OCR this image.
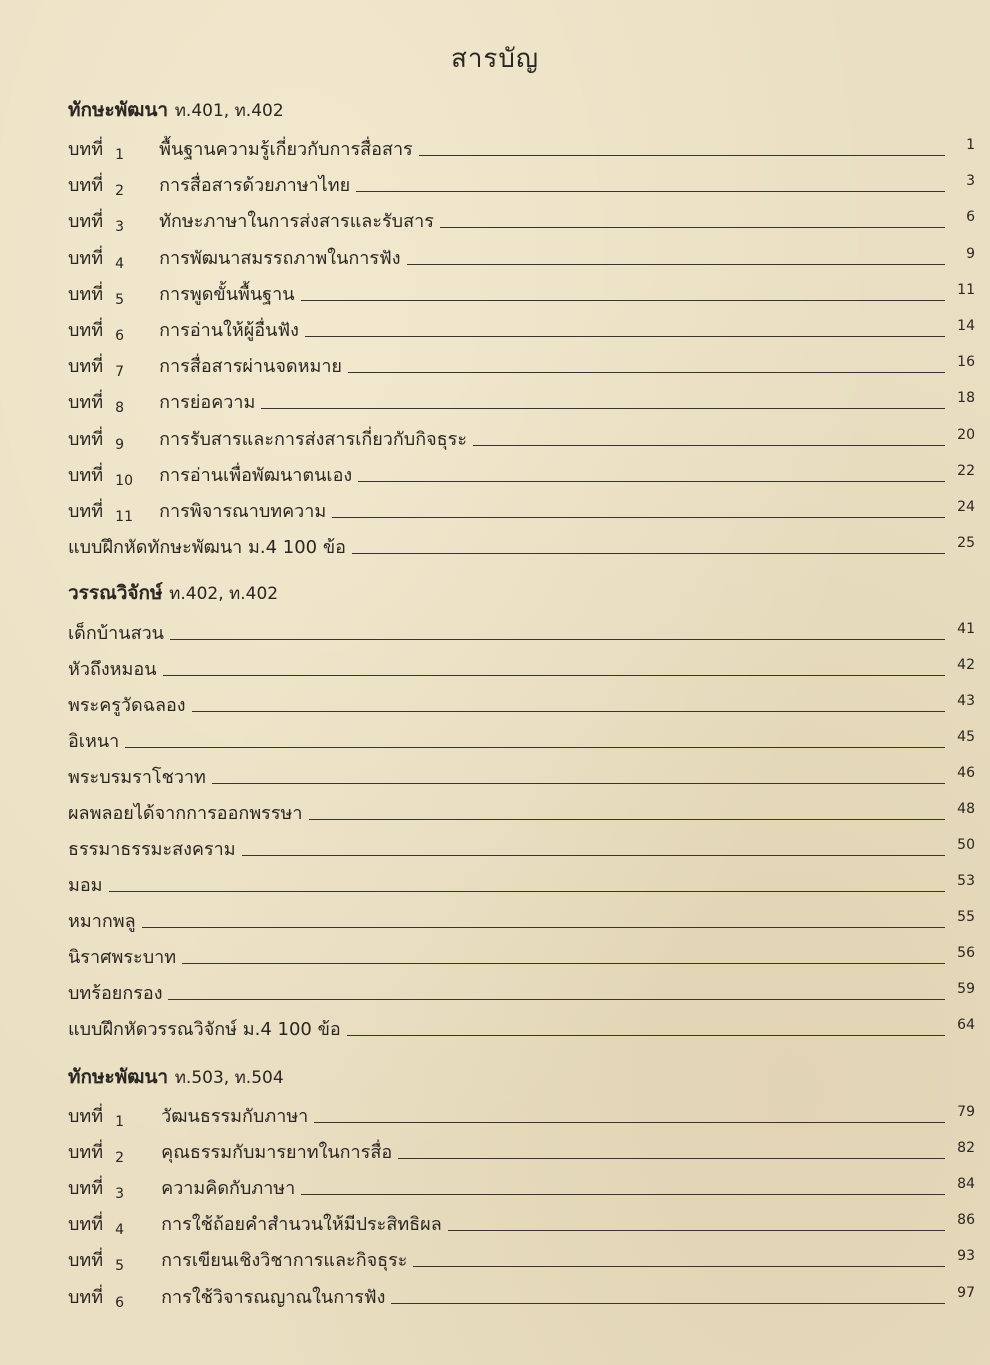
สารบัญ
ทักษะพัฒนา ท.401, ท.402
บทที่ 1	พื้นฐานความรู้เกี่ยวกับการสื่อสาร	1
บทที่ 2	การสื่อสารด้วยภาษาไทย	3
บทที่ 3	ทักษะภาษาในการส่งสารและรับสาร	6
บทที่ 4	การพัฒนาสมรรถภาพในการฟัง	9
บทที่ 5	การพูดขั้นพื้นฐาน	11
บทที่ 6	การอ่านให้ผู้อื่นฟัง	14
บทที่ 7	การสื่อสารผ่านจดหมาย	16
บทที่ 8	การย่อความ	18
บทที่ 9	การรับสารและการส่งสารเกี่ยวกับกิจธุระ	20
บทที่ 10	การอ่านเพื่อพัฒนาตนเอง	22
บทที่ 11	การพิจารณาบทความ	24
แบบฝึกหัดทักษะพัฒนา ม.4 100 ข้อ	25
วรรณวิจักษ์ ท.402, ท.402
เด็กบ้านสวน	41
หัวถึงหมอน	42
พระครูวัดฉลอง	43
อิเหนา	45
พระบรมราโชวาท	46
ผลพลอยได้จากการออกพรรษา	48
ธรรมาธรรมะสงคราม	50
มอม	53
หมากพลู	55
นิราศพระบาท	56
บทร้อยกรอง	59
แบบฝึกหัดวรรณวิจักษ์ ม.4 100 ข้อ	64
ทักษะพัฒนา ท.503, ท.504
บทที่ 1	วัฒนธรรมกับภาษา	79
บทที่ 2	คุณธรรมกับมารยาทในการสื่อ	82
บทที่ 3	ความคิดกับภาษา	84
บทที่ 4	การใช้ถ้อยคำสำนวนให้มีประสิทธิผล	86
บทที่ 5	การเขียนเชิงวิชาการและกิจธุระ	93
บทที่ 6	การใช้วิจารณญาณในการฟัง	97
